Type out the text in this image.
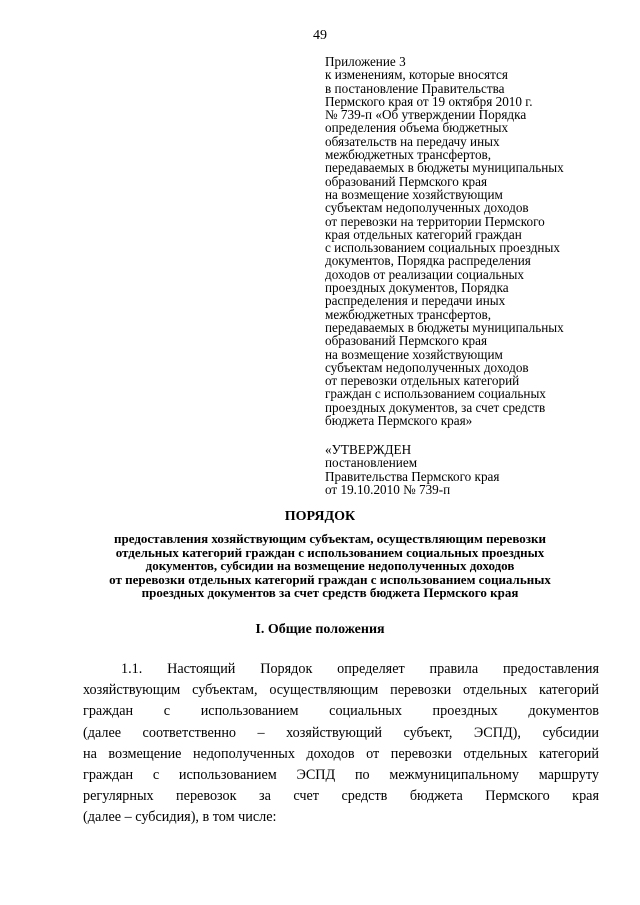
49
Приложение 3
к изменениям, которые вносятся
в постановление Правительства
Пермского края от 19 октября 2010 г.
№ 739-п «Об утверждении Порядка
определения объема бюджетных
обязательств на передачу иных
межбюджетных трансфертов,
передаваемых в бюджеты муниципальных
образований Пермского края
на возмещение хозяйствующим
субъектам недополученных доходов
от перевозки на территории Пермского
края отдельных категорий граждан
с использованием социальных проездных
документов, Порядка распределения
доходов от реализации социальных
проездных документов, Порядка
распределения и передачи иных
межбюджетных трансфертов,
передаваемых в бюджеты муниципальных
образований Пермского края
на возмещение хозяйствующим
субъектам недополученных доходов
от перевозки отдельных категорий
граждан с использованием социальных
проездных документов, за счет средств
бюджета Пермского края»
«УТВЕРЖДЕН
постановлением
Правительства Пермского края
от 19.10.2010 № 739-п
ПОРЯДОК
предоставления хозяйствующим субъектам, осуществляющим перевозки
отдельных категорий граждан с использованием социальных проездных
документов, субсидии на возмещение недополученных доходов
от перевозки отдельных категорий граждан с использованием социальных
проездных документов за счет средств бюджета Пермского края
I. Общие положения
1.1. Настоящий Порядок определяет правила предоставления
хозяйствующим субъектам, осуществляющим перевозки отдельных категорий
граждан с использованием социальных проездных документов
(далее соответственно – хозяйствующий субъект, ЭСПД), субсидии
на возмещение недополученных доходов от перевозки отдельных категорий
граждан с использованием ЭСПД по межмуниципальному маршруту
регулярных перевозок за счет средств бюджета Пермского края
(далее – субсидия), в том числе:
